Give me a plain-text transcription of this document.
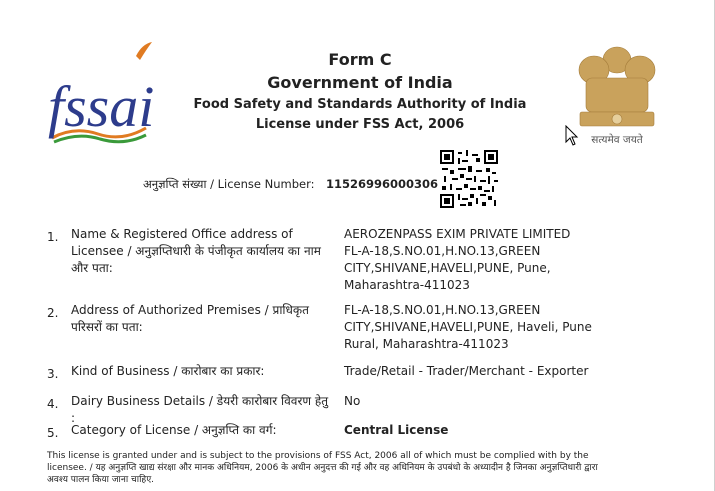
fssai
Form C
Government of India
Food Safety and Standards Authority of India
License under FSS Act, 2006
सत्यमेव जयते
अनुज्ञप्ति संख्या / License Number: 11526996000306
1.	Name & Registered Office address of Licensee / अनुज्ञप्तिधारी के पंजीकृत कार्यालय का नाम और पता:
AEROZENPASS EXIM PRIVATE LIMITED
FL-A-18,S.NO.01,H.NO.13,GREEN
CITY,SHIVANE,HAVELI,PUNE, Pune,
Maharashtra-411023
2.	Address of Authorized Premises / प्राधिकृत परिसरों का पता:
FL-A-18,S.NO.01,H.NO.13,GREEN
CITY,SHIVANE,HAVELI,PUNE, Haveli, Pune
Rural, Maharashtra-411023
3.	Kind of Business / कारोबार का प्रकार:	Trade/Retail - Trader/Merchant - Exporter
4.	Dairy Business Details / डेयरी कारोबार विवरण हेतु :
No
5.	Category of License / अनुज्ञप्ति का वर्ग:	Central License
This license is granted under and is subject to the provisions of FSS Act, 2006 all of which must be complied with by the licensee. / यह अनुज्ञप्ति खाद्य संरक्षा और मानक अधिनियम, 2006 के अधीन अनुदत्त की गई और वह अधिनियम के उपबंधो के अध्यादीन है जिनका अनुज्ञप्तिधारी द्वारा अवश्य पालन किया जाना चाहिए.
